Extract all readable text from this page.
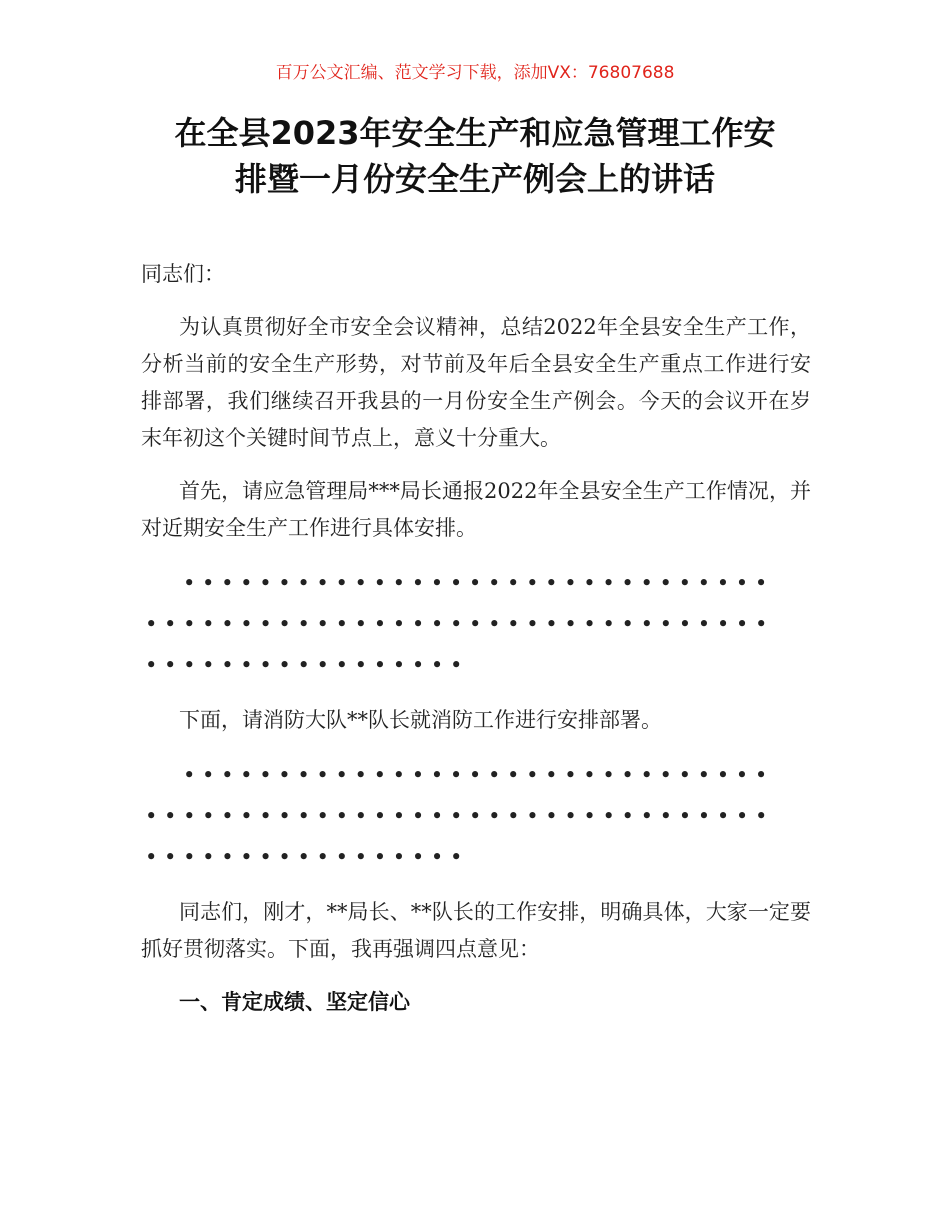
百万公文汇编、范文学习下载，添加VX：76807688
在全县2023年安全生产和应急管理工作安
排暨一月份安全生产例会上的讲话

同志们：

为认真贯彻好全市安全会议精神，总结2022年全县安全生产工作，分析当前的安全生产形势，对节前及年后全县安全生产重点工作进行安排部署，我们继续召开我县的一月份安全生产例会。今天的会议开在岁末年初这个关键时间节点上，意义十分重大。

首先，请应急管理局***局长通报2022年全县安全生产工作情况，并对近期安全生产工作进行具体安排。

• • • • • • • • • • • • • • • • • • • • • • • • • • • • • • •
• • • • • • • • • • • • • • • • • • • • • • • • • • • • • • • • •
• • • • • • • • • • • • • • • • •

下面，请消防大队**队长就消防工作进行安排部署。

• • • • • • • • • • • • • • • • • • • • • • • • • • • • • • •
• • • • • • • • • • • • • • • • • • • • • • • • • • • • • • • • •
• • • • • • • • • • • • • • • • •

同志们，刚才，**局长、**队长的工作安排，明确具体，大家一定要抓好贯彻落实。下面，我再强调四点意见：

一、肯定成绩、坚定信心
